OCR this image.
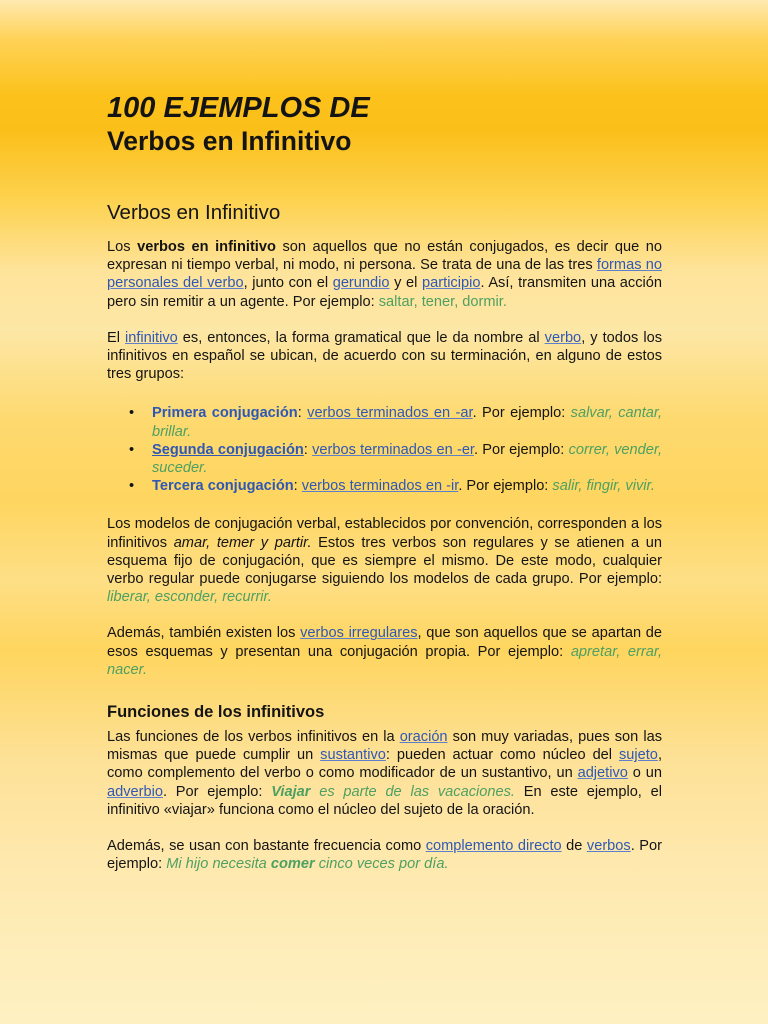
100 EJEMPLOS DE
Verbos en Infinitivo
Verbos en Infinitivo

Los verbos en infinitivo son aquellos que no están conjugados, es decir que no expresan ni tiempo verbal, ni modo, ni persona. Se trata de una de las tres formas no personales del verbo, junto con el gerundio y el participio. Así, transmiten una acción pero sin remitir a un agente. Por ejemplo: saltar, tener, dormir.

El infinitivo es, entonces, la forma gramatical que le da nombre al verbo, y todos los infinitivos en español se ubican, de acuerdo con su terminación, en alguno de estos tres grupos:

• Primera conjugación: verbos terminados en -ar. Por ejemplo: salvar, cantar, brillar.
• Segunda conjugación: verbos terminados en -er. Por ejemplo: correr, vender, suceder.
• Tercera conjugación: verbos terminados en -ir. Por ejemplo: salir, fingir, vivir.

Los modelos de conjugación verbal, establecidos por convención, corresponden a los infinitivos amar, temer y partir. Estos tres verbos son regulares y se atienen a un esquema fijo de conjugación, que es siempre el mismo. De este modo, cualquier verbo regular puede conjugarse siguiendo los modelos de cada grupo. Por ejemplo: liberar, esconder, recurrir.

Además, también existen los verbos irregulares, que son aquellos que se apartan de esos esquemas y presentan una conjugación propia. Por ejemplo: apretar, errar, nacer.

Funciones de los infinitivos

Las funciones de los verbos infinitivos en la oración son muy variadas, pues son las mismas que puede cumplir un sustantivo: pueden actuar como núcleo del sujeto, como complemento del verbo o como modificador de un sustantivo, un adjetivo o un adverbio. Por ejemplo: Viajar es parte de las vacaciones. En este ejemplo, el infinitivo «viajar» funciona como el núcleo del sujeto de la oración.

Además, se usan con bastante frecuencia como complemento directo de verbos. Por ejemplo: Mi hijo necesita comer cinco veces por día.
